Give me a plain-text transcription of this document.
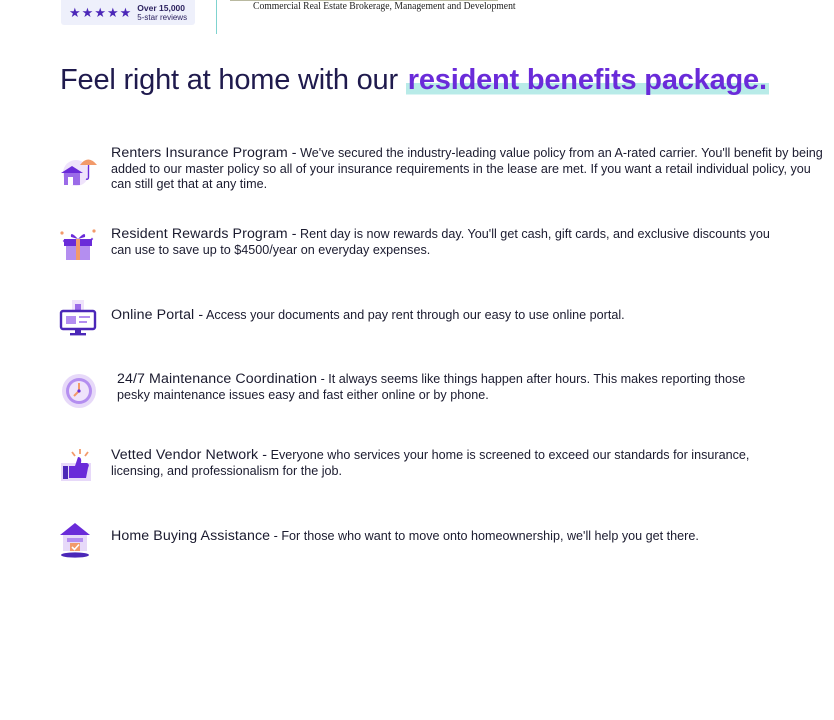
★ ★ ★ ★ ★ Over 15,000
5-star reviews
Commercial Real Estate Brokerage, Management and Development
Feel right at home with our resident benefits package.
Renters Insurance Program - We've secured the industry-leading value policy from an A-rated carrier. You'll benefit by being added to our master policy so all of your insurance requirements in the lease are met. If you want a retail individual policy, you can still get that at any time.
Resident Rewards Program - Rent day is now rewards day. You'll get cash, gift cards, and exclusive discounts you can use to save up to $4500/year on everyday expenses.
Online Portal - Access your documents and pay rent through our easy to use online portal.
24/7 Maintenance Coordination - It always seems like things happen after hours. This makes reporting those pesky maintenance issues easy and fast either online or by phone.
Vetted Vendor Network - Everyone who services your home is screened to exceed our standards for insurance, licensing, and professionalism for the job.
Home Buying Assistance - For those who want to move onto homeownership, we'll help you get there.
